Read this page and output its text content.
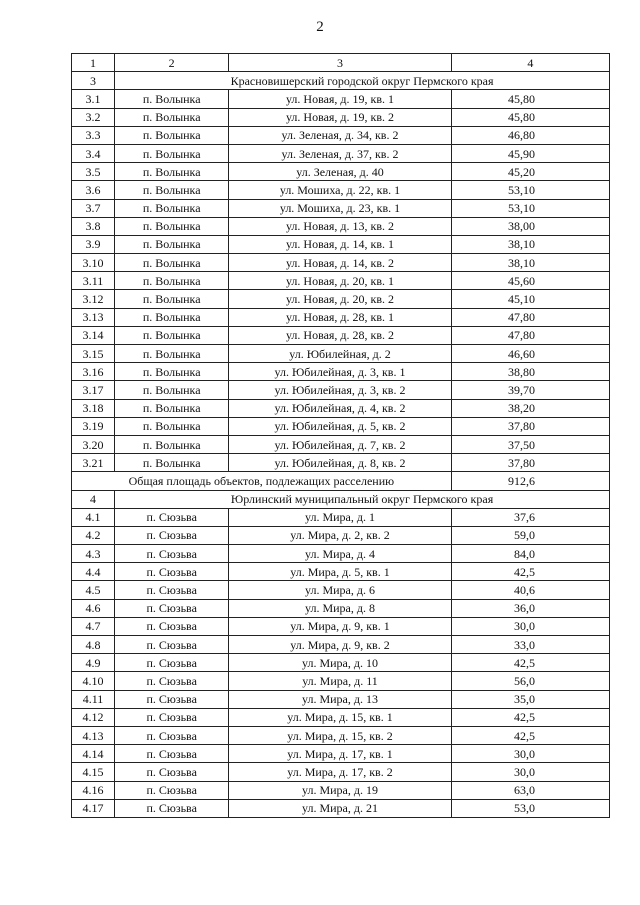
2
1	2	3	4
3	Красновишерский городской округ Пермского края		
3.1	п. Волынка	ул. Новая, д. 19, кв. 1	45,80
3.2	п. Волынка	ул. Новая, д. 19, кв. 2	45,80
3.3	п. Волынка	ул. Зеленая, д. 34, кв. 2	46,80
3.4	п. Волынка	ул. Зеленая, д. 37, кв. 2	45,90
3.5	п. Волынка	ул. Зеленая, д. 40	45,20
3.6	п. Волынка	ул. Мошиха, д. 22, кв. 1	53,10
3.7	п. Волынка	ул. Мошиха, д. 23, кв. 1	53,10
3.8	п. Волынка	ул. Новая, д. 13, кв. 2	38,00
3.9	п. Волынка	ул. Новая, д. 14, кв. 1	38,10
3.10	п. Волынка	ул. Новая, д. 14, кв. 2	38,10
3.11	п. Волынка	ул. Новая, д. 20, кв. 1	45,60
3.12	п. Волынка	ул. Новая, д. 20, кв. 2	45,10
3.13	п. Волынка	ул. Новая, д. 28, кв. 1	47,80
3.14	п. Волынка	ул. Новая, д. 28, кв. 2	47,80
3.15	п. Волынка	ул. Юбилейная, д. 2	46,60
3.16	п. Волынка	ул. Юбилейная, д. 3, кв. 1	38,80
3.17	п. Волынка	ул. Юбилейная, д. 3, кв. 2	39,70
3.18	п. Волынка	ул. Юбилейная, д. 4, кв. 2	38,20
3.19	п. Волынка	ул. Юбилейная, д. 5, кв. 2	37,80
3.20	п. Волынка	ул. Юбилейная, д. 7, кв. 2	37,50
3.21	п. Волынка	ул. Юбилейная, д. 8, кв. 2	37,80
Общая площадь объектов, подлежащих расселению			912,6
4	Юрлинский муниципальный округ Пермского края		
4.1	п. Сюзьва	ул. Мира, д. 1	37,6
4.2	п. Сюзьва	ул. Мира, д. 2, кв. 2	59,0
4.3	п. Сюзьва	ул. Мира, д. 4	84,0
4.4	п. Сюзьва	ул. Мира, д. 5, кв. 1	42,5
4.5	п. Сюзьва	ул. Мира, д. 6	40,6
4.6	п. Сюзьва	ул. Мира, д. 8	36,0
4.7	п. Сюзьва	ул. Мира, д. 9, кв. 1	30,0
4.8	п. Сюзьва	ул. Мира, д. 9, кв. 2	33,0
4.9	п. Сюзьва	ул. Мира, д. 10	42,5
4.10	п. Сюзьва	ул. Мира, д. 11	56,0
4.11	п. Сюзьва	ул. Мира, д. 13	35,0
4.12	п. Сюзьва	ул. Мира, д. 15, кв. 1	42,5
4.13	п. Сюзьва	ул. Мира, д. 15, кв. 2	42,5
4.14	п. Сюзьва	ул. Мира, д. 17, кв. 1	30,0
4.15	п. Сюзьва	ул. Мира, д. 17, кв. 2	30,0
4.16	п. Сюзьва	ул. Мира, д. 19	63,0
4.17	п. Сюзьва	ул. Мира, д. 21	53,0
